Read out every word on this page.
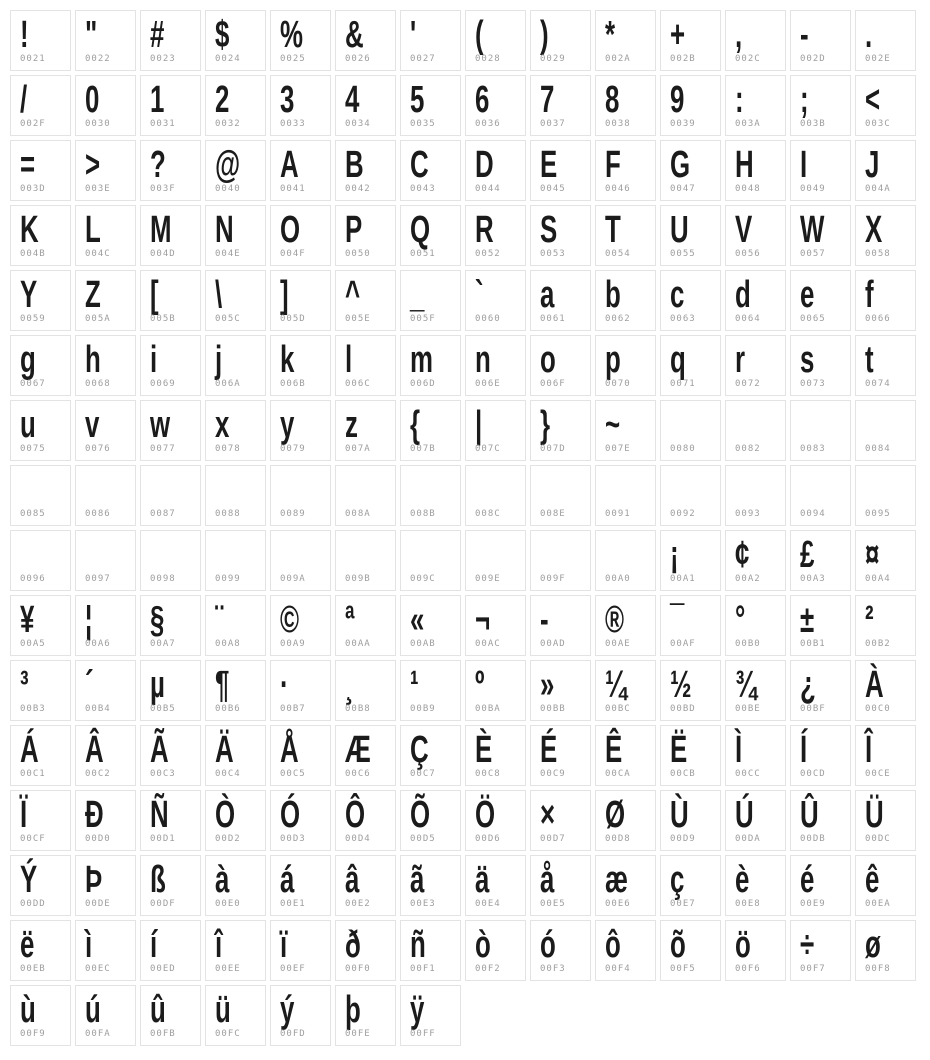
!
0021
"
0022
#
0023
$
0024
%
0025
&
0026
'
0027
(
0028
)
0029
*
002A
+
002B
,
002C
-
002D
.
002E
/
002F
0
0030
1
0031
2
0032
3
0033
4
0034
5
0035
6
0036
7
0037
8
0038
9
0039
:
003A
;
003B
<
003C
=
003D
>
003E
?
003F
@
0040
A
0041
B
0042
C
0043
D
0044
E
0045
F
0046
G
0047
H
0048
I
0049
J
004A
K
004B
L
004C
M
004D
N
004E
O
004F
P
0050
Q
0051
R
0052
S
0053
T
0054
U
0055
V
0056
W
0057
X
0058
Y
0059
Z
005A
[
005B
\
005C
]
005D
^
005E
_
005F
`
0060
a
0061
b
0062
c
0063
d
0064
e
0065
f
0066
g
0067
h
0068
i
0069
j
006A
k
006B
l
006C
m
006D
n
006E
o
006F
p
0070
q
0071
r
0072
s
0073
t
0074
u
0075
v
0076
w
0077
x
0078
y
0079
z
007A
{
007B
|
007C
}
007D
~
007E	0080	0082	0083	0084
0085	0086	0087	0088	0089	008A	008B	008C	008E	0091	0092	0093	0094	0095
0096	0097	0098	0099	009A	009B	009C	009E	009F	00A0
¡
00A1
¢
00A2
£
00A3
¤
00A4
¥
00A5
¦
00A6
§
00A7
¨
00A8
©
00A9
ª
00AA
«
00AB
¬
00AC
-
00AD
®
00AE
¯
00AF
°
00B0
±
00B1
²
00B2
³
00B3
´
00B4
µ
00B5
¶
00B6
·
00B7
¸
00B8
¹
00B9
º
00BA
»
00BB
¼
00BC
½
00BD
¾
00BE
¿
00BF
À
00C0
Á
00C1
Â
00C2
Ã
00C3
Ä
00C4
Å
00C5
Æ
00C6
Ç
00C7
È
00C8
É
00C9
Ê
00CA
Ë
00CB
Ì
00CC
Í
00CD
Î
00CE
Ï
00CF
Ð
00D0
Ñ
00D1
Ò
00D2
Ó
00D3
Ô
00D4
Õ
00D5
Ö
00D6
×
00D7
Ø
00D8
Ù
00D9
Ú
00DA
Û
00DB
Ü
00DC
Ý
00DD
Þ
00DE
ß
00DF
à
00E0
á
00E1
â
00E2
ã
00E3
ä
00E4
å
00E5
æ
00E6
ç
00E7
è
00E8
é
00E9
ê
00EA
ë
00EB
ì
00EC
í
00ED
î
00EE
ï
00EF
ð
00F0
ñ
00F1
ò
00F2
ó
00F3
ô
00F4
õ
00F5
ö
00F6
÷
00F7
ø
00F8
ù
00F9
ú
00FA
û
00FB
ü
00FC
ý
00FD
þ
00FE
ÿ
00FF
